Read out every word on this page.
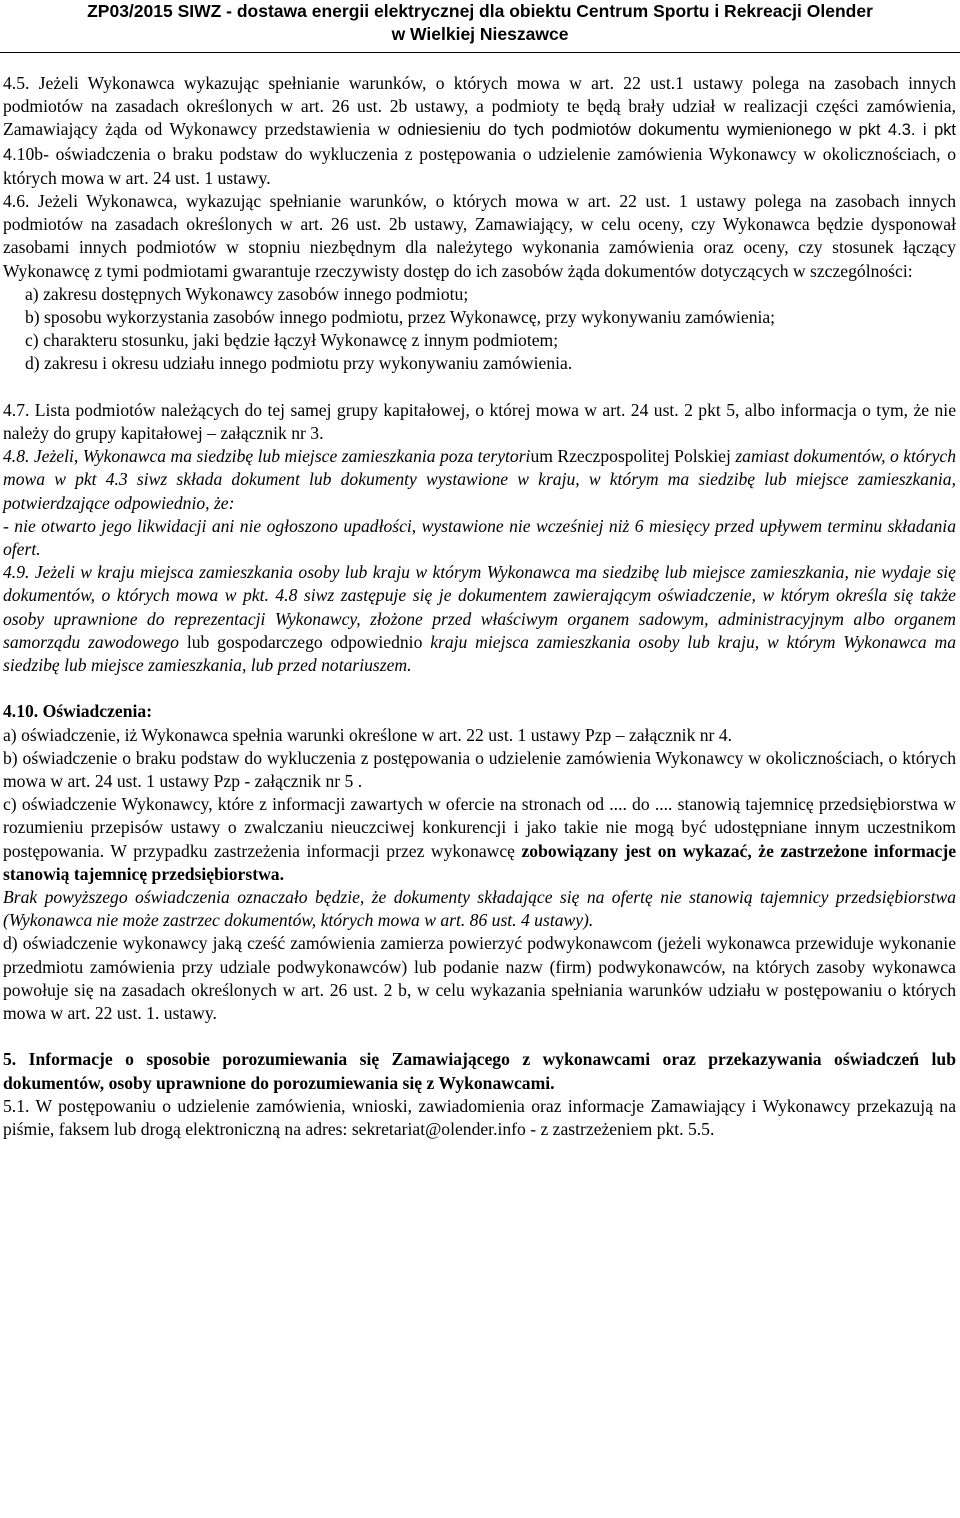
ZP03/2015 SIWZ - dostawa energii elektrycznej dla obiektu Centrum Sportu i Rekreacji Olender
w Wielkiej Nieszawce

4.5. Jeżeli Wykonawca wykazując spełnianie warunków, o których mowa w art. 22 ust.1 ustawy polega na zasobach innych podmiotów na zasadach określonych w art. 26 ust. 2b ustawy, a podmioty te będą brały udział w realizacji części zamówienia, Zamawiający żąda od Wykonawcy przedstawienia w odniesieniu do tych podmiotów dokumentu wymienionego w pkt 4.3. i pkt 4.10b- oświadczenia o braku podstaw do wykluczenia z postępowania o udzielenie zamówienia Wykonawcy w okolicznościach, o których mowa w art. 24 ust. 1 ustawy.

4.6. Jeżeli Wykonawca, wykazując spełnianie warunków, o których mowa w art. 22 ust. 1 ustawy polega na zasobach innych podmiotów na zasadach określonych w art. 26 ust. 2b ustawy, Zamawiający, w celu oceny, czy Wykonawca będzie dysponował zasobami innych podmiotów w stopniu niezbędnym dla należytego wykonania zamówienia oraz oceny, czy stosunek łączący Wykonawcę z tymi podmiotami gwarantuje rzeczywisty dostęp do ich zasobów żąda dokumentów dotyczących w szczególności:

a) zakresu dostępnych Wykonawcy zasobów innego podmiotu;

b) sposobu wykorzystania zasobów innego podmiotu, przez Wykonawcę, przy wykonywaniu zamówienia;

c) charakteru stosunku, jaki będzie łączył Wykonawcę z innym podmiotem;

d) zakresu i okresu udziału innego podmiotu przy wykonywaniu zamówienia.

4.7. Lista podmiotów należących do tej samej grupy kapitałowej, o której mowa w art. 24 ust. 2 pkt 5, albo informacja o tym, że nie należy do grupy kapitałowej – załącznik nr 3.

4.8. Jeżeli, Wykonawca ma siedzibę lub miejsce zamieszkania poza terytorium Rzeczpospolitej Polskiej zamiast dokumentów, o których mowa w pkt 4.3 siwz składa dokument lub dokumenty wystawione w kraju, w którym ma siedzibę lub miejsce zamieszkania, potwierdzające odpowiednio, że:

- nie otwarto jego likwidacji ani nie ogłoszono upadłości, wystawione nie wcześniej niż 6 miesięcy przed upływem terminu składania ofert.

4.9. Jeżeli w kraju miejsca zamieszkania osoby lub kraju w którym Wykonawca ma siedzibę lub miejsce zamieszkania, nie wydaje się dokumentów, o których mowa w pkt. 4.8 siwz zastępuje się je dokumentem zawierającym oświadczenie, w którym określa się także osoby uprawnione do reprezentacji Wykonawcy, złożone przed właściwym organem sadowym, administracyjnym albo organem samorządu zawodowego lub gospodarczego odpowiednio kraju miejsca zamieszkania osoby lub kraju, w którym Wykonawca ma siedzibę lub miejsce zamieszkania, lub przed notariuszem.

4.10. Oświadczenia:

a) oświadczenie, iż Wykonawca spełnia warunki określone w art. 22 ust. 1 ustawy Pzp – załącznik nr 4.

b) oświadczenie o braku podstaw do wykluczenia z postępowania o udzielenie zamówienia Wykonawcy w okolicznościach, o których mowa w art. 24 ust. 1 ustawy Pzp - załącznik nr 5 .

c) oświadczenie Wykonawcy, które z informacji zawartych w ofercie na stronach od .... do .... stanowią tajemnicę przedsiębiorstwa w rozumieniu przepisów ustawy o zwalczaniu nieuczciwej konkurencji i jako takie nie mogą być udostępniane innym uczestnikom postępowania. W przypadku zastrzeżenia informacji przez wykonawcę zobowiązany jest on wykazać, że zastrzeżone informacje stanowią tajemnicę przedsiębiorstwa.

Brak powyższego oświadczenia oznaczało będzie, że dokumenty składające się na ofertę nie stanowią tajemnicy przedsiębiorstwa (Wykonawca nie może zastrzec dokumentów, których mowa w art. 86 ust. 4 ustawy).

d) oświadczenie wykonawcy jaką cześć zamówienia zamierza powierzyć podwykonawcom (jeżeli wykonawca przewiduje wykonanie przedmiotu zamówienia przy udziale podwykonawców) lub podanie nazw (firm) podwykonawców, na których zasoby wykonawca powołuje się na zasadach określonych w art. 26 ust. 2 b, w celu wykazania spełniania warunków udziału w postępowaniu o których mowa w art. 22 ust. 1. ustawy.

5. Informacje o sposobie porozumiewania się Zamawiającego z wykonawcami oraz przekazywania oświadczeń lub dokumentów, osoby uprawnione do porozumiewania się z Wykonawcami.

5.1. W postępowaniu o udzielenie zamówienia, wnioski, zawiadomienia oraz informacje Zamawiający i Wykonawcy przekazują na piśmie, faksem lub drogą elektroniczną na adres: sekretariat@olender.info - z zastrzeżeniem pkt. 5.5.
